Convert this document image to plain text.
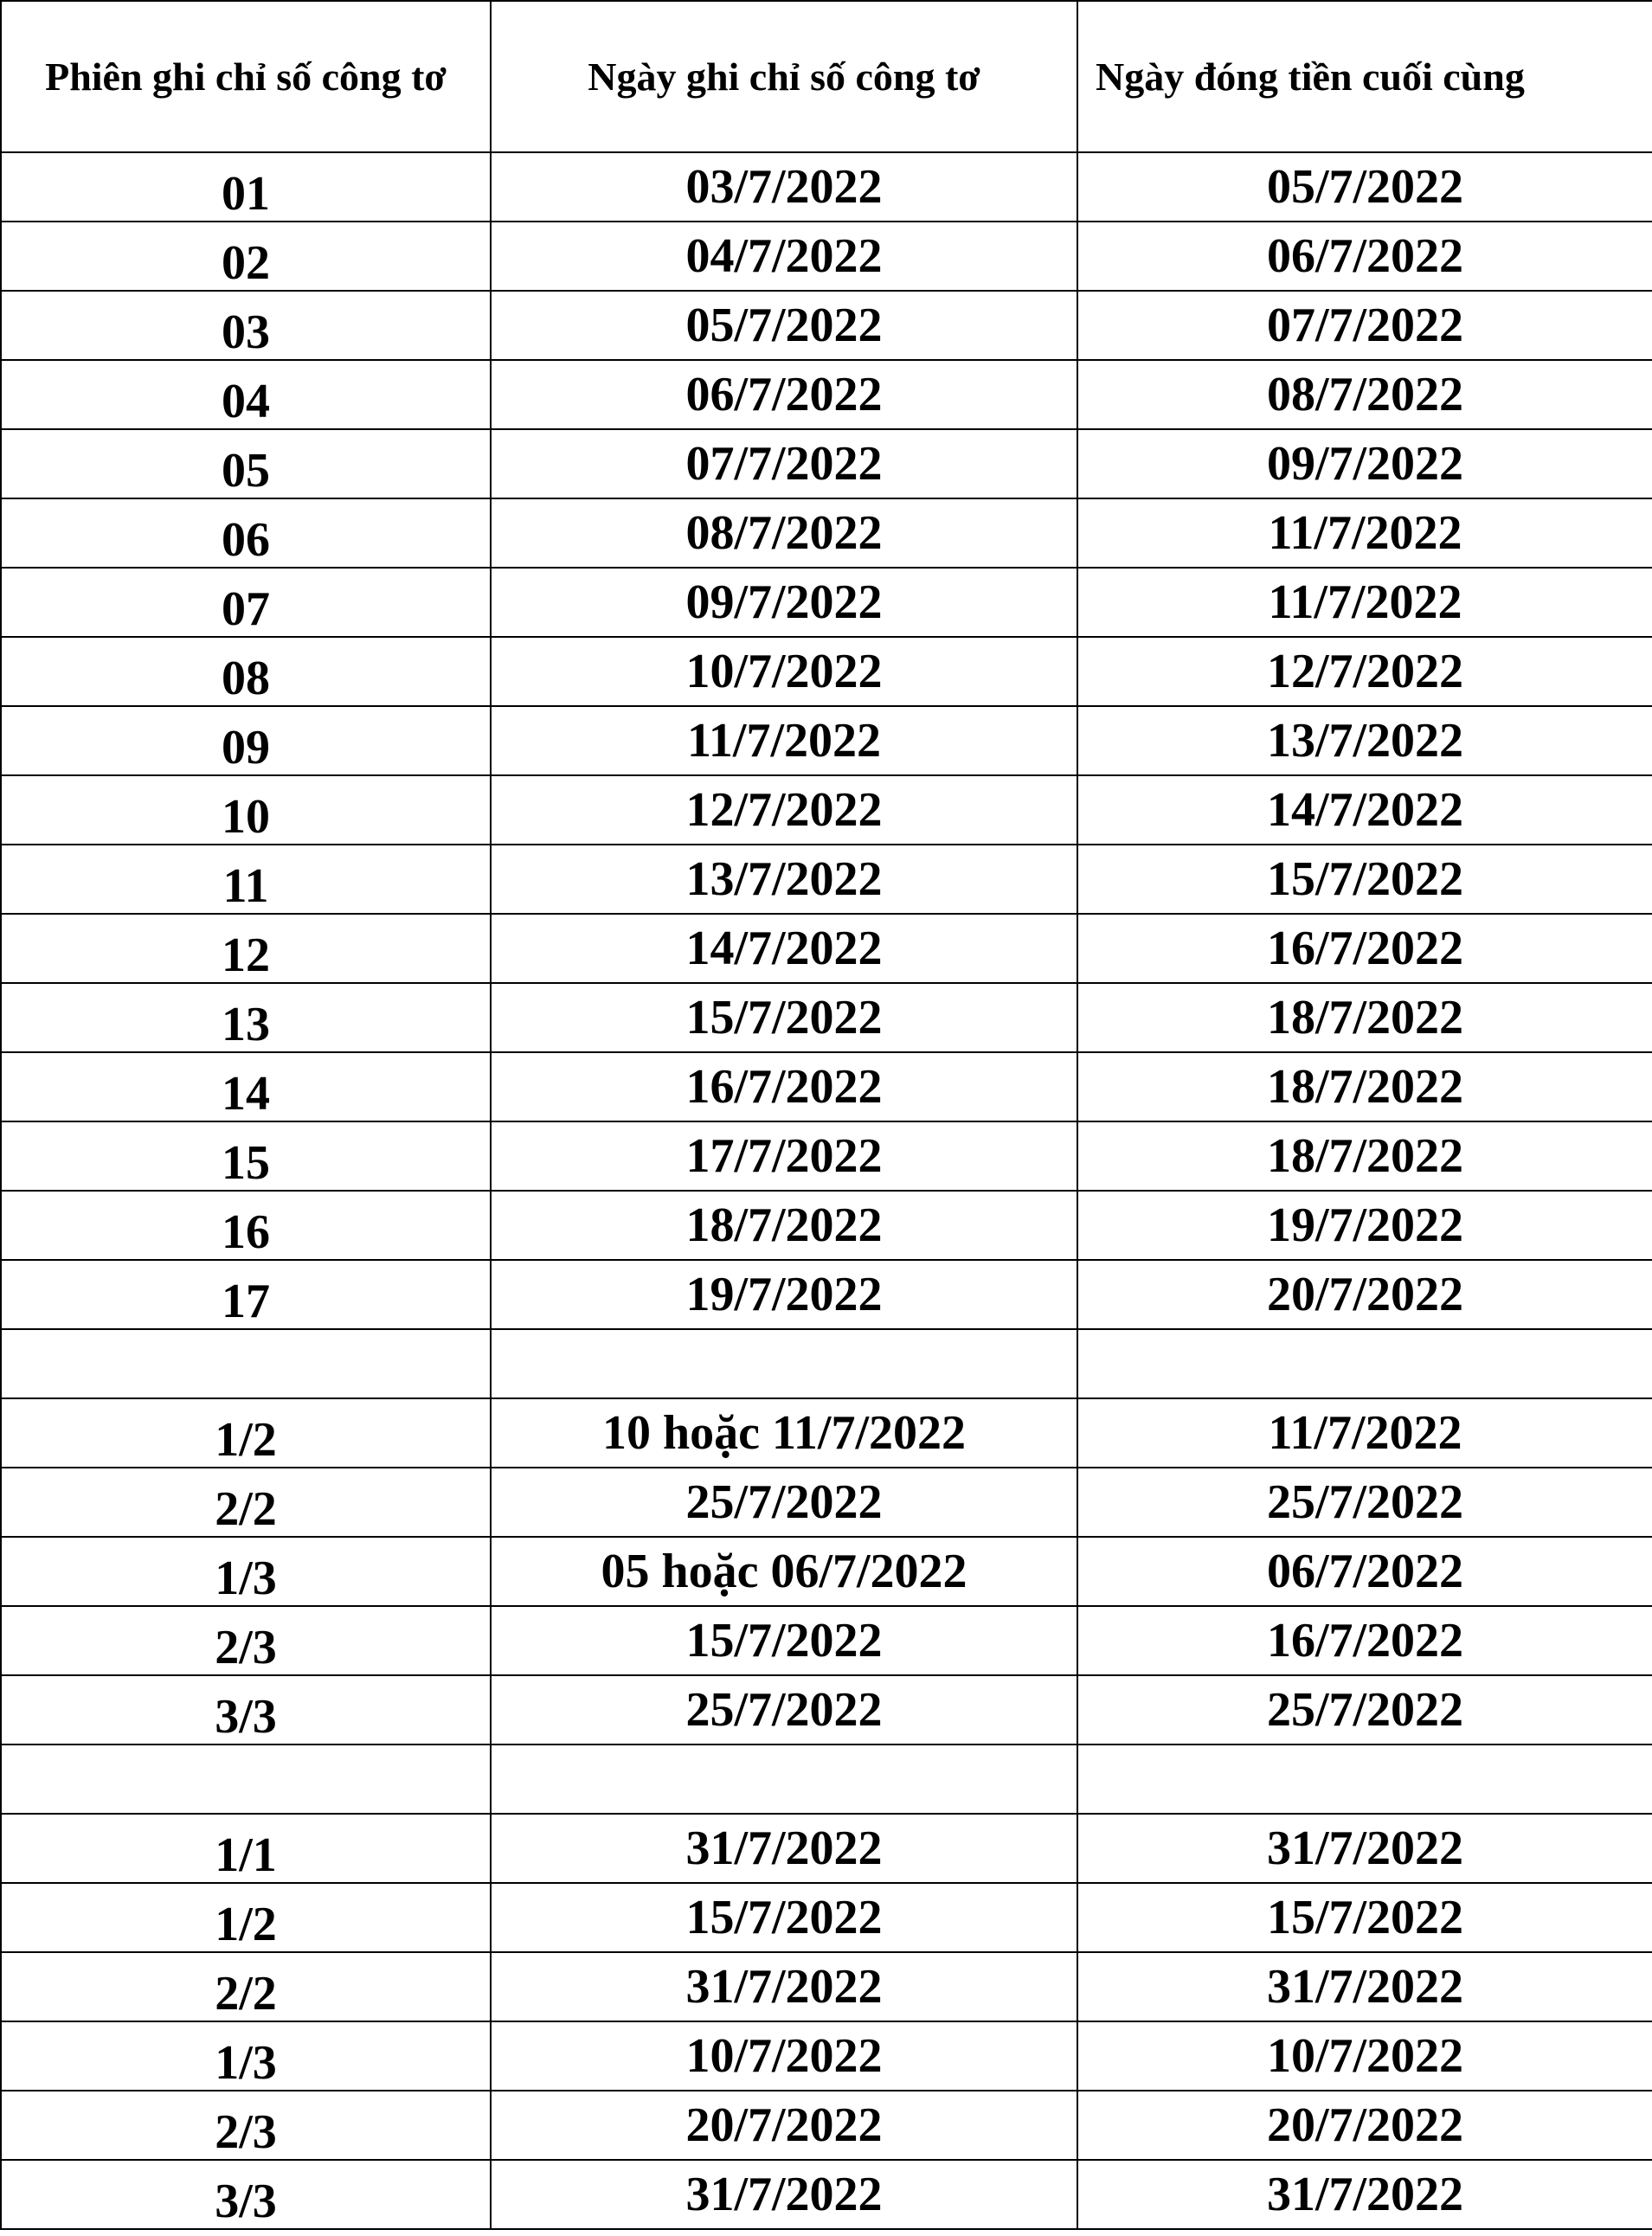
Phiên ghi chỉ số công tơ	Ngày ghi chỉ số công tơ	Ngày đóng tiền cuối cùng
01	03/7/2022	05/7/2022
02	04/7/2022	06/7/2022
03	05/7/2022	07/7/2022
04	06/7/2022	08/7/2022
05	07/7/2022	09/7/2022
06	08/7/2022	11/7/2022
07	09/7/2022	11/7/2022
08	10/7/2022	12/7/2022
09	11/7/2022	13/7/2022
10	12/7/2022	14/7/2022
11	13/7/2022	15/7/2022
12	14/7/2022	16/7/2022
13	15/7/2022	18/7/2022
14	16/7/2022	18/7/2022
15	17/7/2022	18/7/2022
16	18/7/2022	19/7/2022
17	19/7/2022	20/7/2022

1/2	10 hoặc 11/7/2022	11/7/2022
2/2	25/7/2022	25/7/2022
1/3	05 hoặc 06/7/2022	06/7/2022
2/3	15/7/2022	16/7/2022
3/3	25/7/2022	25/7/2022

1/1	31/7/2022	31/7/2022
1/2	15/7/2022	15/7/2022
2/2	31/7/2022	31/7/2022
1/3	10/7/2022	10/7/2022
2/3	20/7/2022	20/7/2022
3/3	31/7/2022	31/7/2022
